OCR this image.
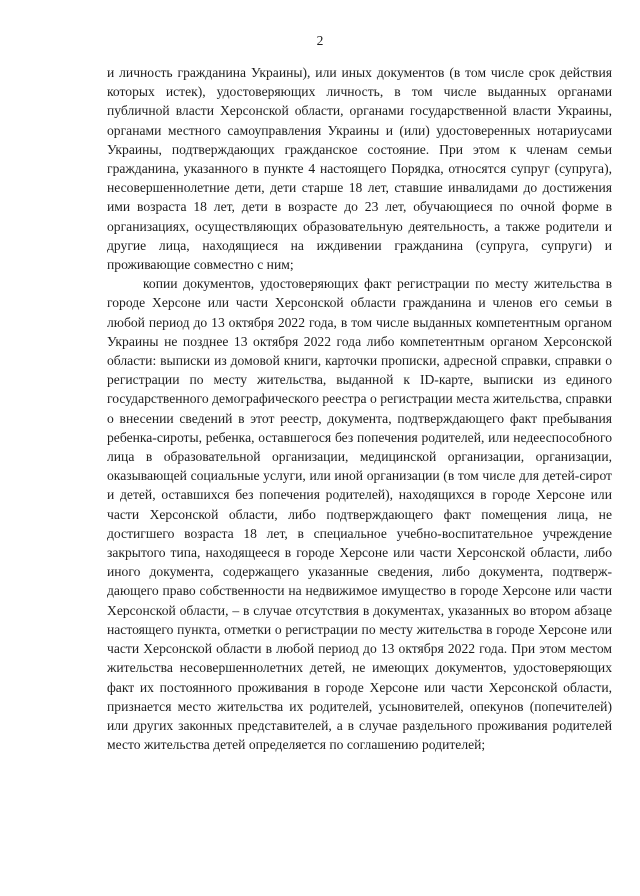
2

и личность гражданина Украины), или иных документов (в том числе срок действия которых истек), удостоверяющих личность, в том числе выданных органами публичной власти Херсонской области, органами государственной власти Украины, органами местного самоуправления Украины и (или) удостоверенных нотариусами Украины, подтверждающих гражданское состояние. При этом к членам семьи гражданина, указанного в пункте 4 настоящего Порядка, относятся супруг (супруга), несовершеннолетние дети, дети старше 18 лет, ставшие инвалидами до достижения ими возраста 18 лет, дети в возрасте до 23 лет, обучающиеся по очной форме в организациях, осуществляющих образовательную деятельность, а также родители и другие лица, находящиеся на иждивении гражданина (супруга, супруги) и проживающие совместно с ним;

копии документов, удостоверяющих факт регистрации по месту жительства в городе Херсоне или части Херсонской области гражданина и членов его семьи в любой период до 13 октября 2022 года, в том числе выданных компетентным органом Украины не позднее 13 октября 2022 года либо компетентным органом Херсонской области: выписки из домовой книги, карточки прописки, адресной справки, справки о регистрации по месту жительства, выданной к ID-карте, выписки из единого государственного демографического реестра о регистрации места жительства, справки о внесении сведений в этот реестр, документа, подтверждающего факт пребывания ребенка-сироты, ребенка, оставшегося без попечения родителей, или недееспособного лица в образовательной организации, медицинской организации, организации, оказывающей социальные услуги, или иной организации (в том числе для детей-сирот и детей, оставшихся без попечения родителей), находящихся в городе Херсоне или части Херсонской области, либо подтверждающего факт помещения лица, не достигшего возраста 18 лет, в специальное учебно-воспитательное учреждение закрытого типа, находящееся в городе Херсоне или части Херсонской области, либо иного документа, содержащего указанные сведения, либо документа, подтверждающего право собственности на недвижимое имущество в городе Херсоне или части Херсонской области, – в случае отсутствия в документах, указанных во втором абзаце настоящего пункта, отметки о регистрации по месту жительства в городе Херсоне или части Херсонской области в любой период до 13 октября 2022 года. При этом местом жительства несовершеннолетних детей, не имеющих документов, удостоверяющих факт их постоянного проживания в городе Херсоне или части Херсонской области, признается место жительства их родителей, усыновителей, опекунов (попечителей) или других законных представителей, а в случае раздельного проживания родителей место жительства детей определяется по соглашению родителей;
